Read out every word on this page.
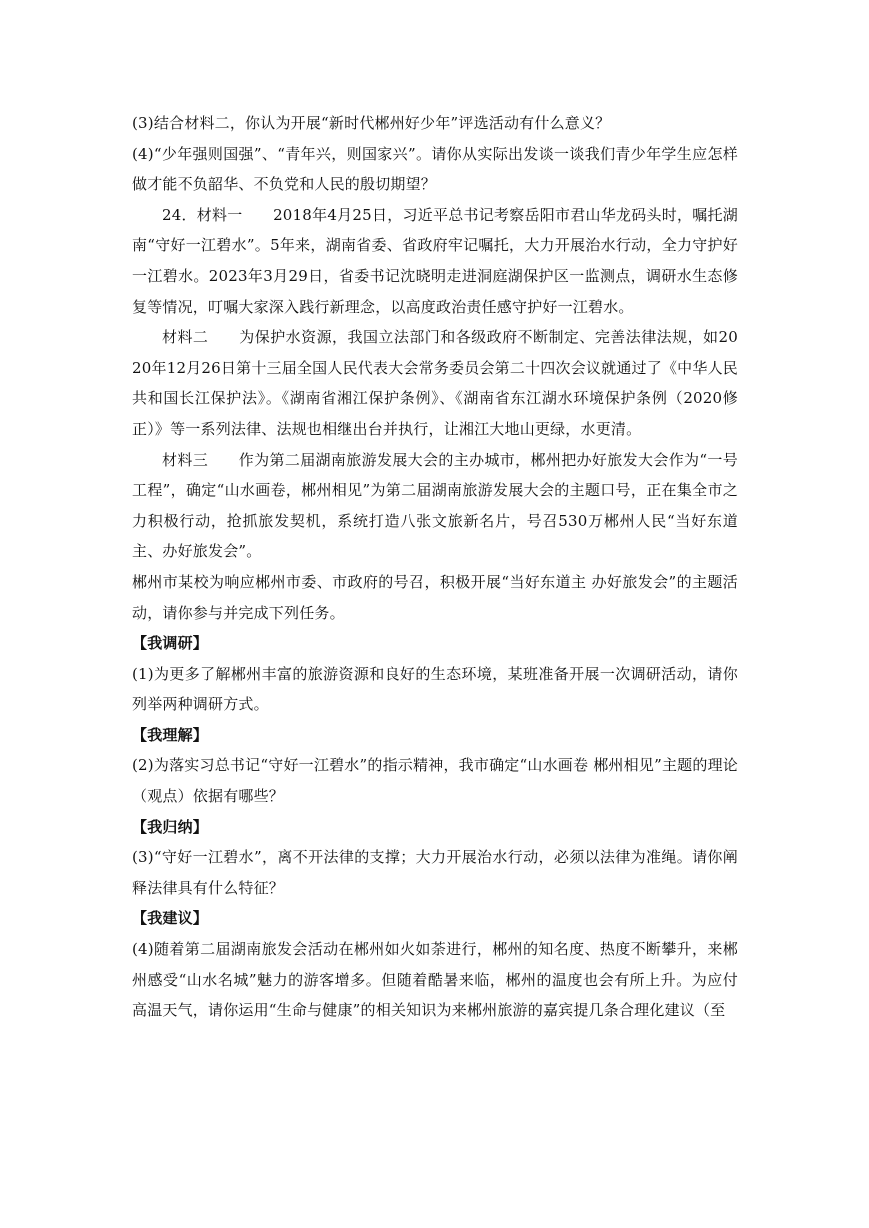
(3)结合材料二，你认为开展“新时代郴州好少年”评选活动有什么意义？

(4)“少年强则国强”、“青年兴，则国家兴”。请你从实际出发谈一谈我们青少年学生应怎样做才能不负韶华、不负党和人民的殷切期望？

24．材料一　　2018年4月25日，习近平总书记考察岳阳市君山华龙码头时，嘱托湖南“守好一江碧水”。5年来，湖南省委、省政府牢记嘱托，大力开展治水行动，全力守护好一江碧水。2023年3月29日，省委书记沈晓明走进洞庭湖保护区一监测点，调研水生态修复等情况，叮嘱大家深入践行新理念，以高度政治责任感守护好一江碧水。

材料二　　为保护水资源，我国立法部门和各级政府不断制定、完善法律法规，如2020年12月26日第十三届全国人民代表大会常务委员会第二十四次会议就通过了《中华人民共和国长江保护法》。《湖南省湘江保护条例》、《湖南省东江湖水环境保护条例（2020修正）》等一系列法律、法规也相继出台并执行，让湘江大地山更绿，水更清。

材料三　　作为第二届湖南旅游发展大会的主办城市，郴州把办好旅发大会作为“一号工程”，确定“山水画卷，郴州相见”为第二届湖南旅游发展大会的主题口号，正在集全市之力积极行动，抢抓旅发契机，系统打造八张文旅新名片，号召530万郴州人民“当好东道主、办好旅发会”。

郴州市某校为响应郴州市委、市政府的号召，积极开展“当好东道主 办好旅发会”的主题活动，请你参与并完成下列任务。

【我调研】

(1)为更多了解郴州丰富的旅游资源和良好的生态环境，某班准备开展一次调研活动，请你列举两种调研方式。

【我理解】

(2)为落实习总书记“守好一江碧水”的指示精神，我市确定“山水画卷 郴州相见”主题的理论（观点）依据有哪些？

【我归纳】

(3)“守好一江碧水”，离不开法律的支撑；大力开展治水行动，必须以法律为准绳。请你阐释法律具有什么特征？

【我建议】

(4)随着第二届湖南旅发会活动在郴州如火如荼进行，郴州的知名度、热度不断攀升，来郴州感受“山水名城”魅力的游客增多。但随着酷暑来临，郴州的温度也会有所上升。为应付高温天气，请你运用“生命与健康”的相关知识为来郴州旅游的嘉宾提几条合理化建议（至
